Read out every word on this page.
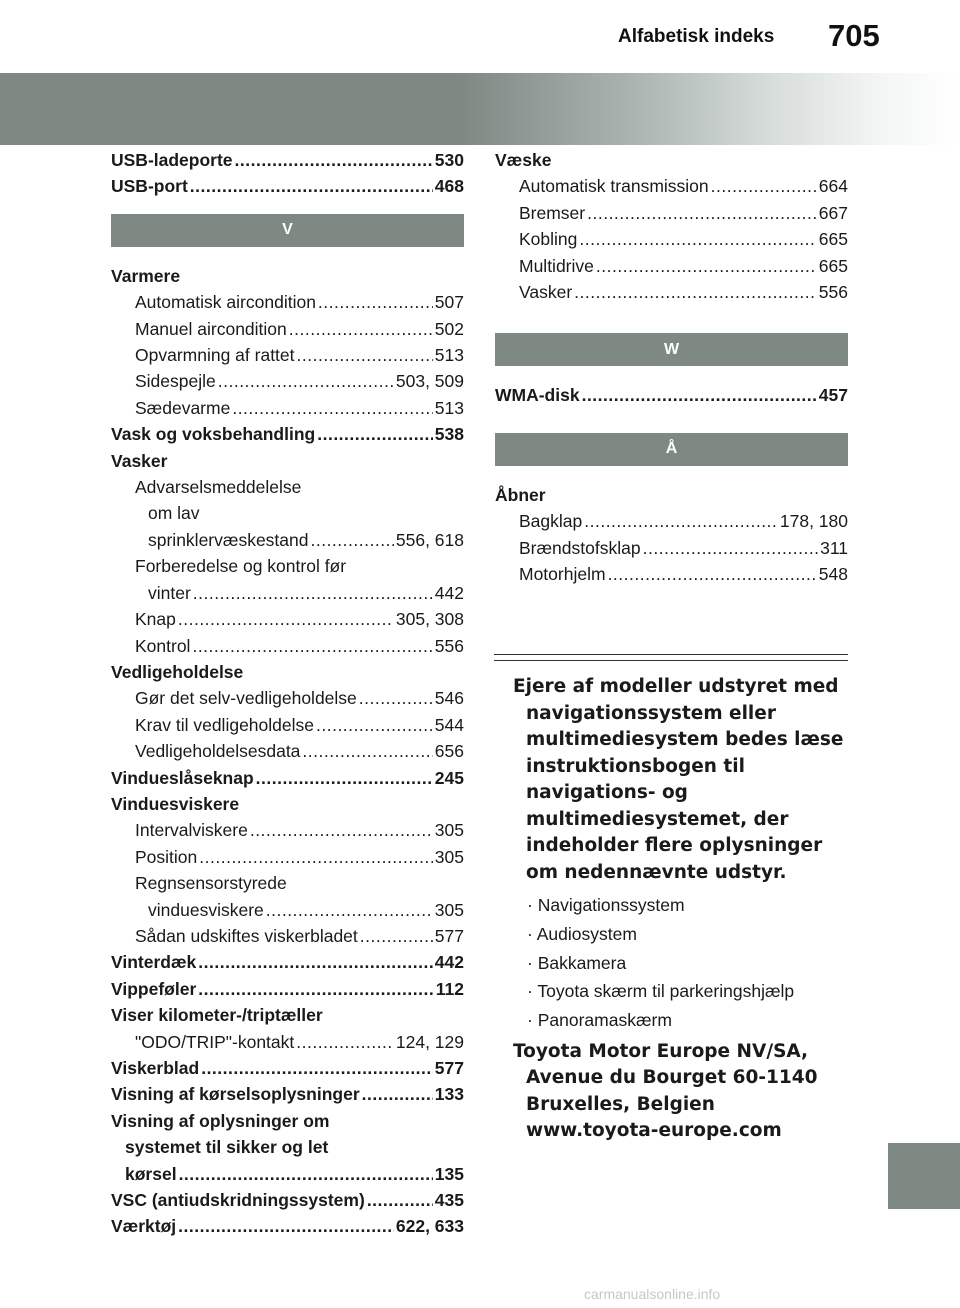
Alfabetisk indeks 705
USB-ladeporte .....	530
USB-port .....	468
V
Varmere
Automatisk aircondition .....	507
Manuel aircondition .....	502
Opvarmning af rattet .....	513
Sidespejle .....	503, 509
Sædevarme .....	513
Vask og voksbehandling .....	538
Vasker
Advarselsmeddelelse
om lav
sprinklervæskestand .....	556, 618
Forberedelse og kontrol før
vinter .....	442
Knap .....	305, 308
Kontrol .....	556
Vedligeholdelse
Gør det selv-vedligeholdelse .....	546
Krav til vedligeholdelse .....	544
Vedligeholdelsesdata .....	656
Vindueslåseknap .....	245
Vinduesviskere
Intervalviskere .....	305
Position .....	305
Regnsensorstyrede
vinduesviskere .....	305
Sådan udskiftes viskerbladet .....	577
Vinterdæk .....	442
Vippeføler .....	112
Viser kilometer-/triptæller
"ODO/TRIP"-kontakt .....	124, 129
Viskerblad .....	577
Visning af kørselsoplysninger .....	133
Visning af oplysninger om
systemet til sikker og let
kørsel .....	135
VSC (antiudskridningssystem) .....	435
Værktøj .....	622, 633
Væske
Automatisk transmission .....	664
Bremser .....	667
Kobling .....	665
Multidrive .....	665
Vasker .....	556
W
WMA-disk .....	457
Å
Åbner
Bagklap .....	178, 180
Brændstofsklap .....	311
Motorhjelm .....	548
Ejere af modeller udstyret med navigationssystem eller multimediesystem bedes læse instruktionsbogen til navigations- og multimediesystemet, der indeholder flere oplysninger om nedennævnte udstyr.
· Navigationssystem
· Audiosystem
· Bakkamera
· Toyota skærm til parkeringshjælp
· Panoramaskærm
Toyota Motor Europe NV/SA, Avenue du Bourget 60-1140 Bruxelles, Belgien www.toyota-europe.com
carmanualsonline.info
